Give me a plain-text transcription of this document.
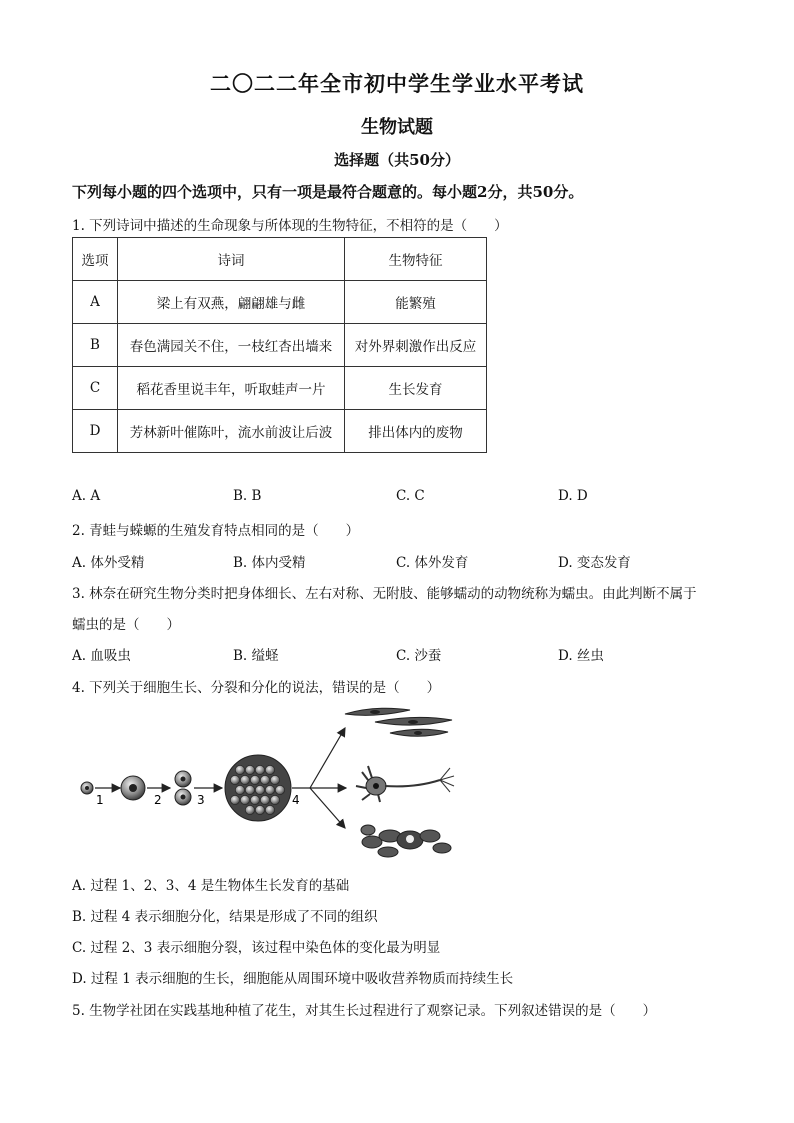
二〇二二年全市初中学生学业水平考试
生物试题
选择题（共50分）
下列每小题的四个选项中，只有一项是最符合题意的。每小题2分，共50分。
1. 下列诗词中描述的生命现象与所体现的生物特征，不相符的是（　　）
选项	诗词	生物特征
A	梁上有双燕，翩翩雄与雌	能繁殖
B	春色满园关不住，一枝红杏出墙来	对外界刺激作出反应
C	稻花香里说丰年，听取蛙声一片	生长发育
D	芳林新叶催陈叶，流水前波让后波	排出体内的废物
A. A	B. B	C. C	D. D
2. 青蛙与蝾螈的生殖发育特点相同的是（　　）
A. 体外受精	B. 体内受精	C. 体外发育	D. 变态发育
3. 林奈在研究生物分类时把身体细长、左右对称、无附肢、能够蠕动的动物统称为蠕虫。由此判断不属于
蠕虫的是（　　）
A. 血吸虫	B. 缢蛏	C. 沙蚕	D. 丝虫
4. 下列关于细胞生长、分裂和分化的说法，错误的是（　　）
1	2	3	4
A. 过程 1、2、3、4 是生物体生长发育的基础
B. 过程 4 表示细胞分化，结果是形成了不同的组织
C. 过程 2、3 表示细胞分裂，该过程中染色体的变化最为明显
D. 过程 1 表示细胞的生长，细胞能从周围环境中吸收营养物质而持续生长
5. 生物学社团在实践基地种植了花生，对其生长过程进行了观察记录。下列叙述错误的是（　　）
